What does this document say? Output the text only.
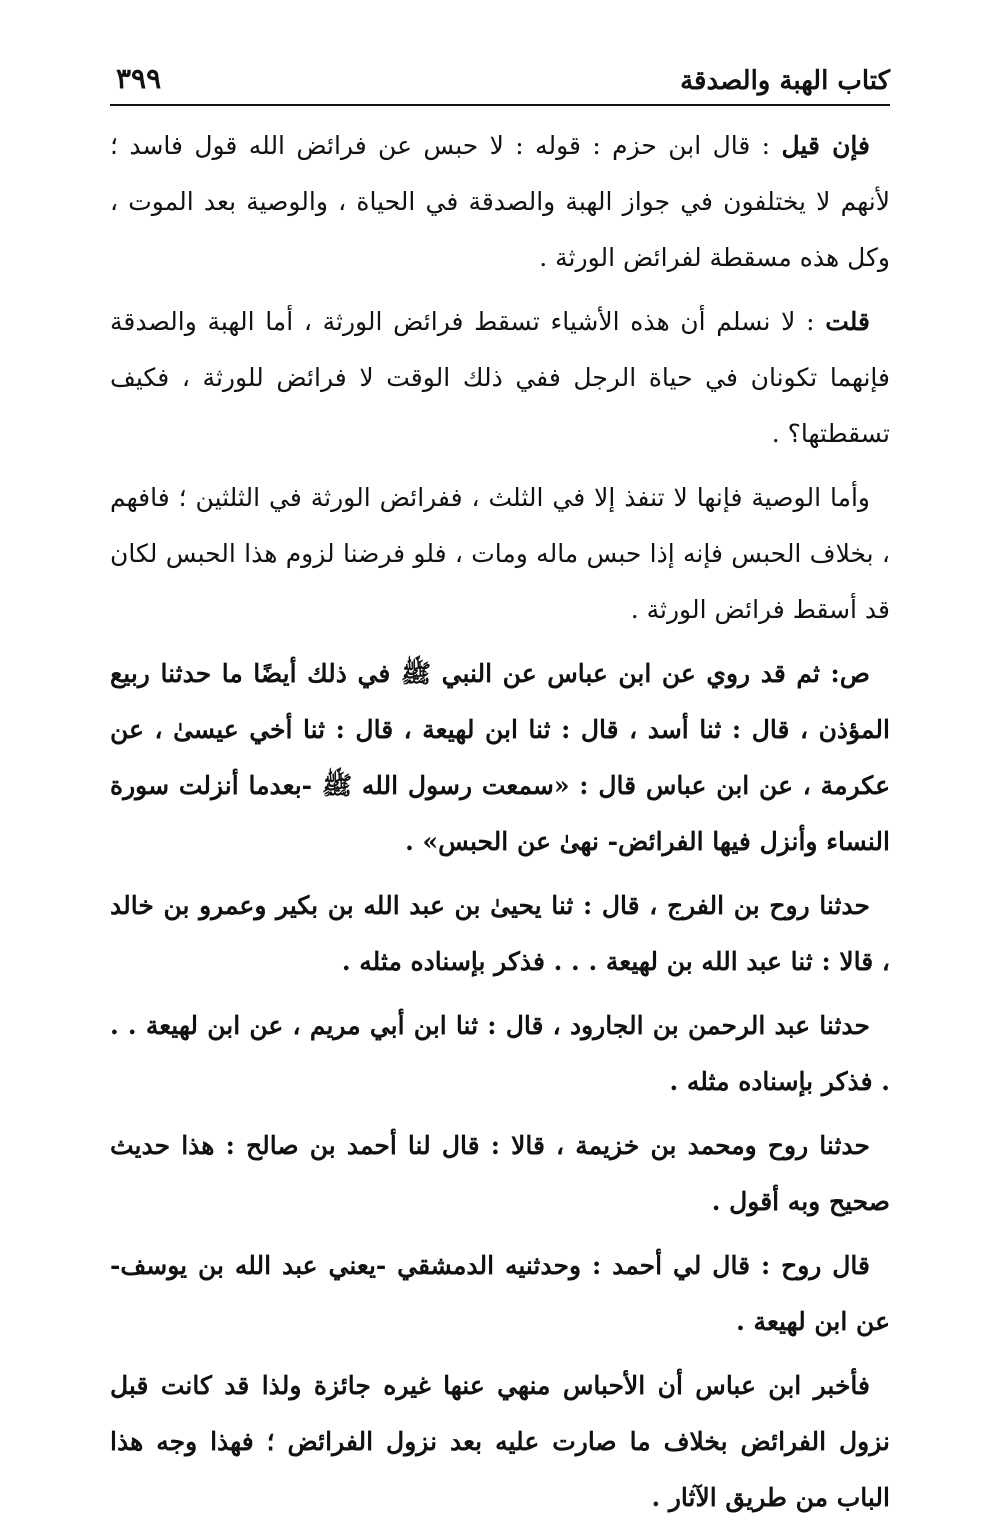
كتاب الهبة والصدقة
٣٩٩

فإن قيل : قال ابن حزم : قوله : لا حبس عن فرائض الله قول فاسد ؛ لأنهم لا يختلفون في جواز الهبة والصدقة في الحياة ، والوصية بعد الموت ، وكل هذه مسقطة لفرائض الورثة .

قلت : لا نسلم أن هذه الأشياء تسقط فرائض الورثة ، أما الهبة والصدقة فإنهما تكونان في حياة الرجل ففي ذلك الوقت لا فرائض للورثة ، فكيف تسقطتها؟ .

وأما الوصية فإنها لا تنفذ إلا في الثلث ، ففرائض الورثة في الثلثين ؛ فافهم ، بخلاف الحبس فإنه إذا حبس ماله ومات ، فلو فرضنا لزوم هذا الحبس لكان قد أسقط فرائض الورثة .

ص: ثم قد روي عن ابن عباس عن النبي ﷺ في ذلك أيضًا ما حدثنا ربيع المؤذن ، قال : ثنا أسد ، قال : ثنا ابن لهيعة ، قال : ثنا أخي عيسىٰ ، عن عكرمة ، عن ابن عباس قال : «سمعت رسول الله ﷺ -بعدما أنزلت سورة النساء وأنزل فيها الفرائض- نهىٰ عن الحبس» .

حدثنا روح بن الفرج ، قال : ثنا يحيىٰ بن عبد الله بن بكير وعمرو بن خالد ، قالا : ثنا عبد الله بن لهيعة . . . فذكر بإسناده مثله .

حدثنا عبد الرحمن بن الجارود ، قال : ثنا ابن أبي مريم ، عن ابن لهيعة . . . فذكر بإسناده مثله .

حدثنا روح ومحمد بن خزيمة ، قالا : قال لنا أحمد بن صالح : هذا حديث صحيح وبه أقول .

قال روح : قال لي أحمد : وحدثنيه الدمشقي -يعني عبد الله بن يوسف- عن ابن لهيعة .

فأخبر ابن عباس أن الأحباس منهي عنها غيره جائزة ولذا قد كانت قبل نزول الفرائض بخلاف ما صارت عليه بعد نزول الفرائض ؛ فهذا وجه هذا الباب من طريق الآثار .
